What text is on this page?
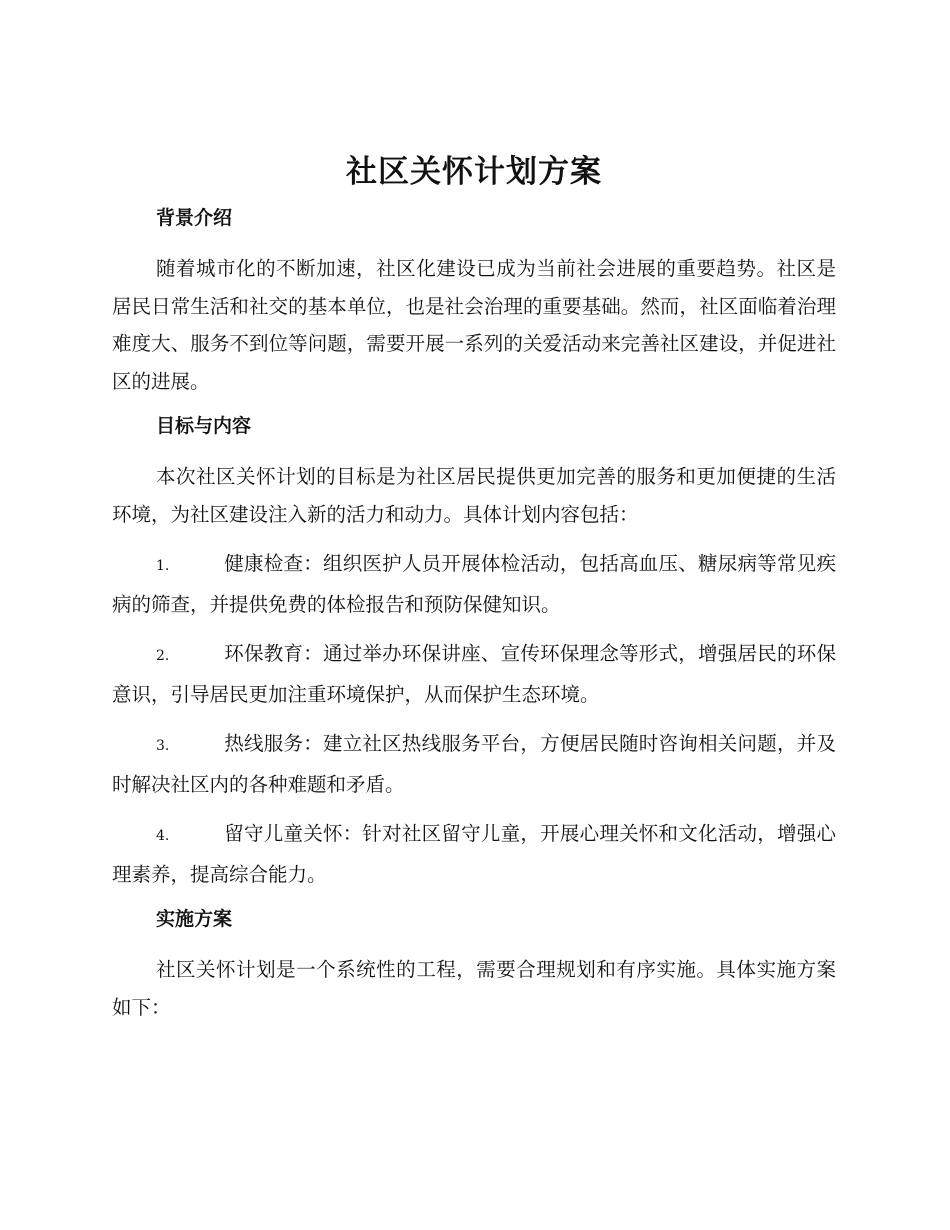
社区关怀计划方案
背景介绍

随着城市化的不断加速，社区化建设已成为当前社会进展的重要趋势。社区是居民日常生活和社交的基本单位，也是社会治理的重要基础。然而，社区面临着治理难度大、服务不到位等问题，需要开展一系列的关爱活动来完善社区建设，并促进社区的进展。

目标与内容

本次社区关怀计划的目标是为社区居民提供更加完善的服务和更加便捷的生活环境，为社区建设注入新的活力和动力。具体计划内容包括：

1.	健康检查：组织医护人员开展体检活动，包括高血压、糖尿病等常见疾病的筛查，并提供免费的体检报告和预防保健知识。

2.	环保教育：通过举办环保讲座、宣传环保理念等形式，增强居民的环保意识，引导居民更加注重环境保护，从而保护生态环境。

3.	热线服务：建立社区热线服务平台，方便居民随时咨询相关问题，并及时解决社区内的各种难题和矛盾。

4.	留守儿童关怀：针对社区留守儿童，开展心理关怀和文化活动，增强心理素养，提高综合能力。

实施方案

社区关怀计划是一个系统性的工程，需要合理规划和有序实施。具体实施方案如下：
